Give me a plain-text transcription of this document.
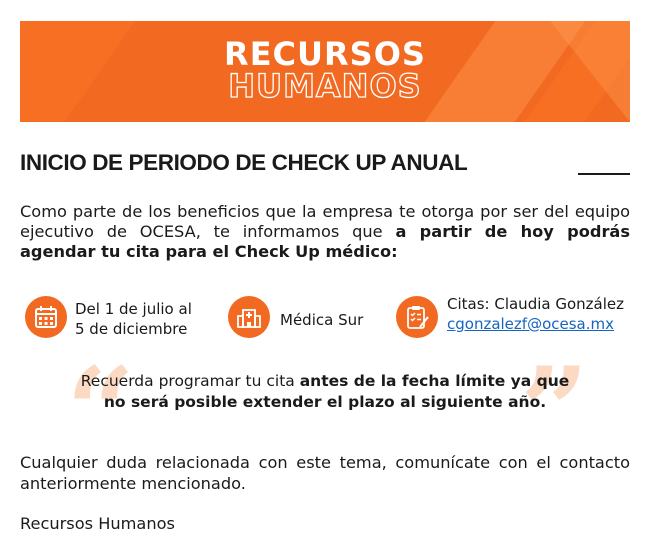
RECURSOS
HUMANOS
INICIO DE PERIODO DE CHECK UP ANUAL
Como parte de los beneficios que la empresa te otorga por ser del equipo ejecutivo de OCESA, te informamos que a partir de hoy podrás agendar tu cita para el Check Up médico:
Del 1 de julio al
5 de diciembre	Médica Sur
Citas: Claudia González
cgonzalezf@ocesa.mx
“	”
Recuerda programar tu cita antes de la fecha límite ya que
no será posible extender el plazo al siguiente año.
Cualquier duda relacionada con este tema, comunícate con el contacto anteriormente mencionado.
Recursos Humanos
